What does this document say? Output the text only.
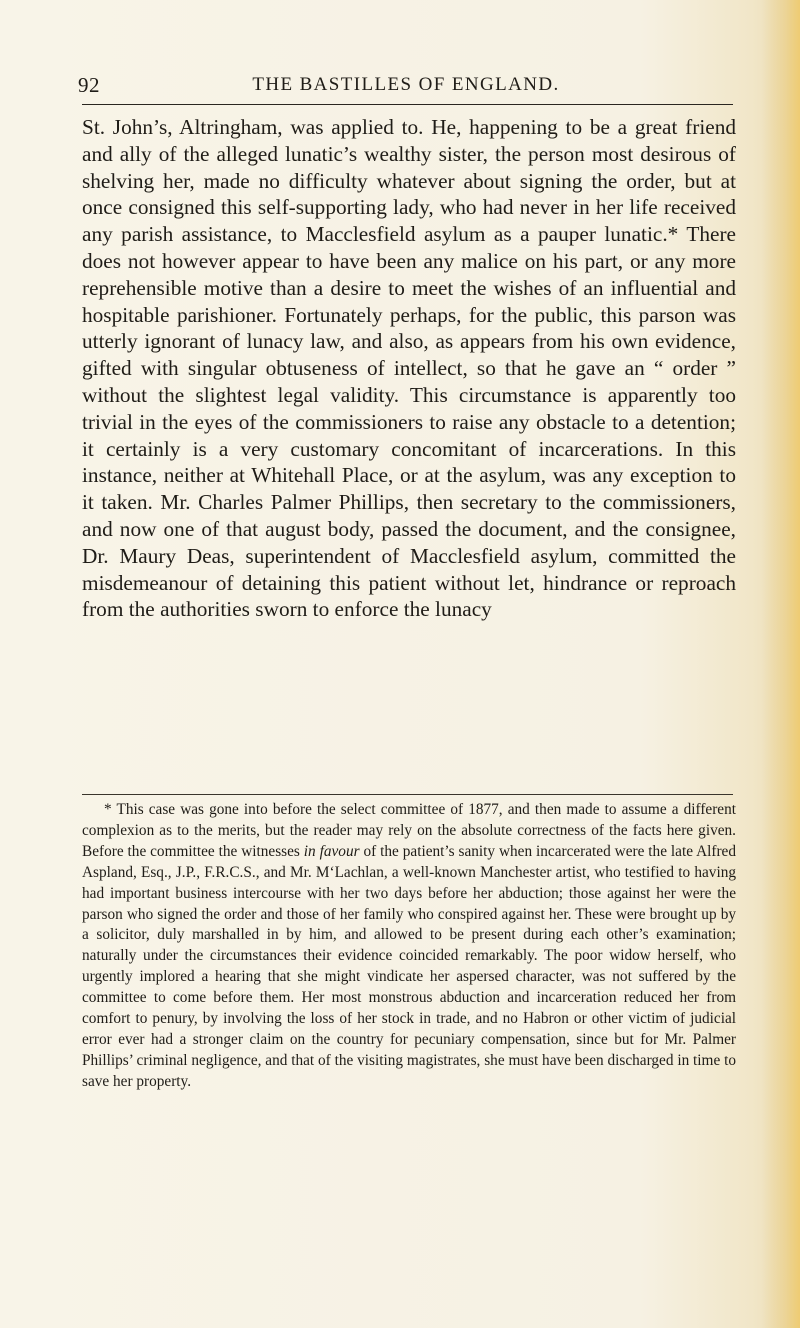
92	THE BASTILLES OF ENGLAND.

St. John’s, Altringham, was applied to. He, happening to be a great friend and ally of the alleged lunatic’s wealthy sister, the person most desirous of shelving her, made no difficulty whatever about signing the order, but at once consigned this self-supporting lady, who had never in her life received any parish assistance, to Macclesfield asylum as a pauper lunatic.* There does not however appear to have been any malice on his part, or any more reprehensible motive than a desire to meet the wishes of an influential and hospitable parishioner. Fortunately perhaps, for the public, this parson was utterly ignorant of lunacy law, and also, as appears from his own evidence, gifted with singular obtuseness of intellect, so that he gave an “ order ” without the slightest legal validity. This circumstance is apparently too trivial in the eyes of the commissioners to raise any obstacle to a detention; it certainly is a very customary concomitant of incarcerations. In this instance, neither at Whitehall Place, or at the asylum, was any exception to it taken. Mr. Charles Palmer Phillips, then secretary to the commissioners, and now one of that august body, passed the document, and the consignee, Dr. Maury Deas, superintendent of Macclesfield asylum, committed the misdemeanour of detaining this patient without let, hindrance or reproach from the authorities sworn to enforce the lunacy

* This case was gone into before the select committee of 1877, and then made to assume a different complexion as to the merits, but the reader may rely on the absolute correctness of the facts here given. Before the committee the witnesses in favour of the patient’s sanity when incarcerated were the late Alfred Aspland, Esq., J.P., F.R.C.S., and Mr. M‘Lachlan, a well-known Manchester artist, who testified to having had important business intercourse with her two days before her abduction; those against her were the parson who signed the order and those of her family who conspired against her. These were brought up by a solicitor, duly marshalled in by him, and allowed to be present during each other’s examination; naturally under the circumstances their evidence coincided remarkably. The poor widow herself, who urgently implored a hearing that she might vindicate her aspersed character, was not suffered by the committee to come before them. Her most monstrous abduction and incarceration reduced her from comfort to penury, by involving the loss of her stock in trade, and no Habron or other victim of judicial error ever had a stronger claim on the country for pecuniary compensation, since but for Mr. Palmer Phillips’ criminal negligence, and that of the visiting magistrates, she must have been discharged in time to save her property.
